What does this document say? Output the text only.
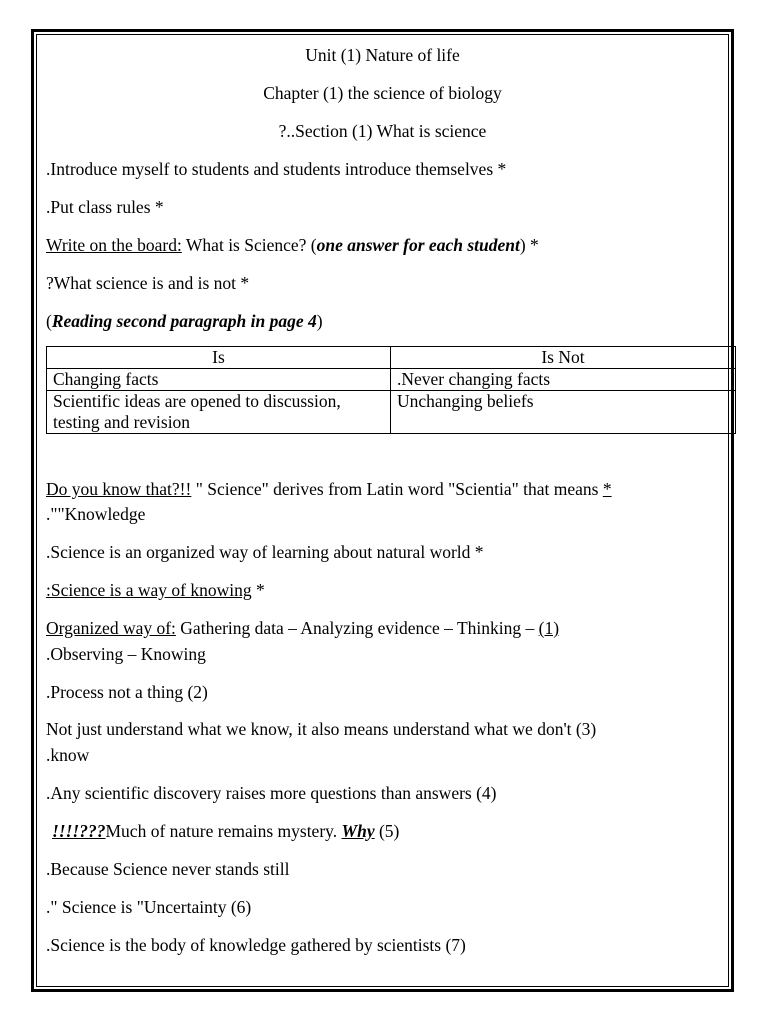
Unit (1) Nature of life
Chapter (1) the science of biology
?..Section (1) What is science
.Introduce myself to students and students introduce themselves *
.Put class rules *
Write on the board: What is Science? (one answer for each student) *
?What science is and is not *
(Reading second paragraph in page 4)
Is	Is Not
Changing facts	.Never changing facts
Scientific ideas are opened to discussion, testing and revision	Unchanging beliefs
Do you know that?!! " Science" derives from Latin word "Scientia" that means *
.""Knowledge
.Science is an organized way of learning about natural world *
:Science is a way of knowing *
Organized way of: Gathering data – Analyzing evidence – Thinking – (1)
.Observing – Knowing
.Process not a thing (2)
Not just understand what we know, it also means understand what we don't (3)
.know
.Any scientific discovery raises more questions than answers (4)
!!!!???Much of nature remains mystery. Why (5)
.Because Science never stands still
." Science is "Uncertainty (6)
.Science is the body of knowledge gathered by scientists (7)
